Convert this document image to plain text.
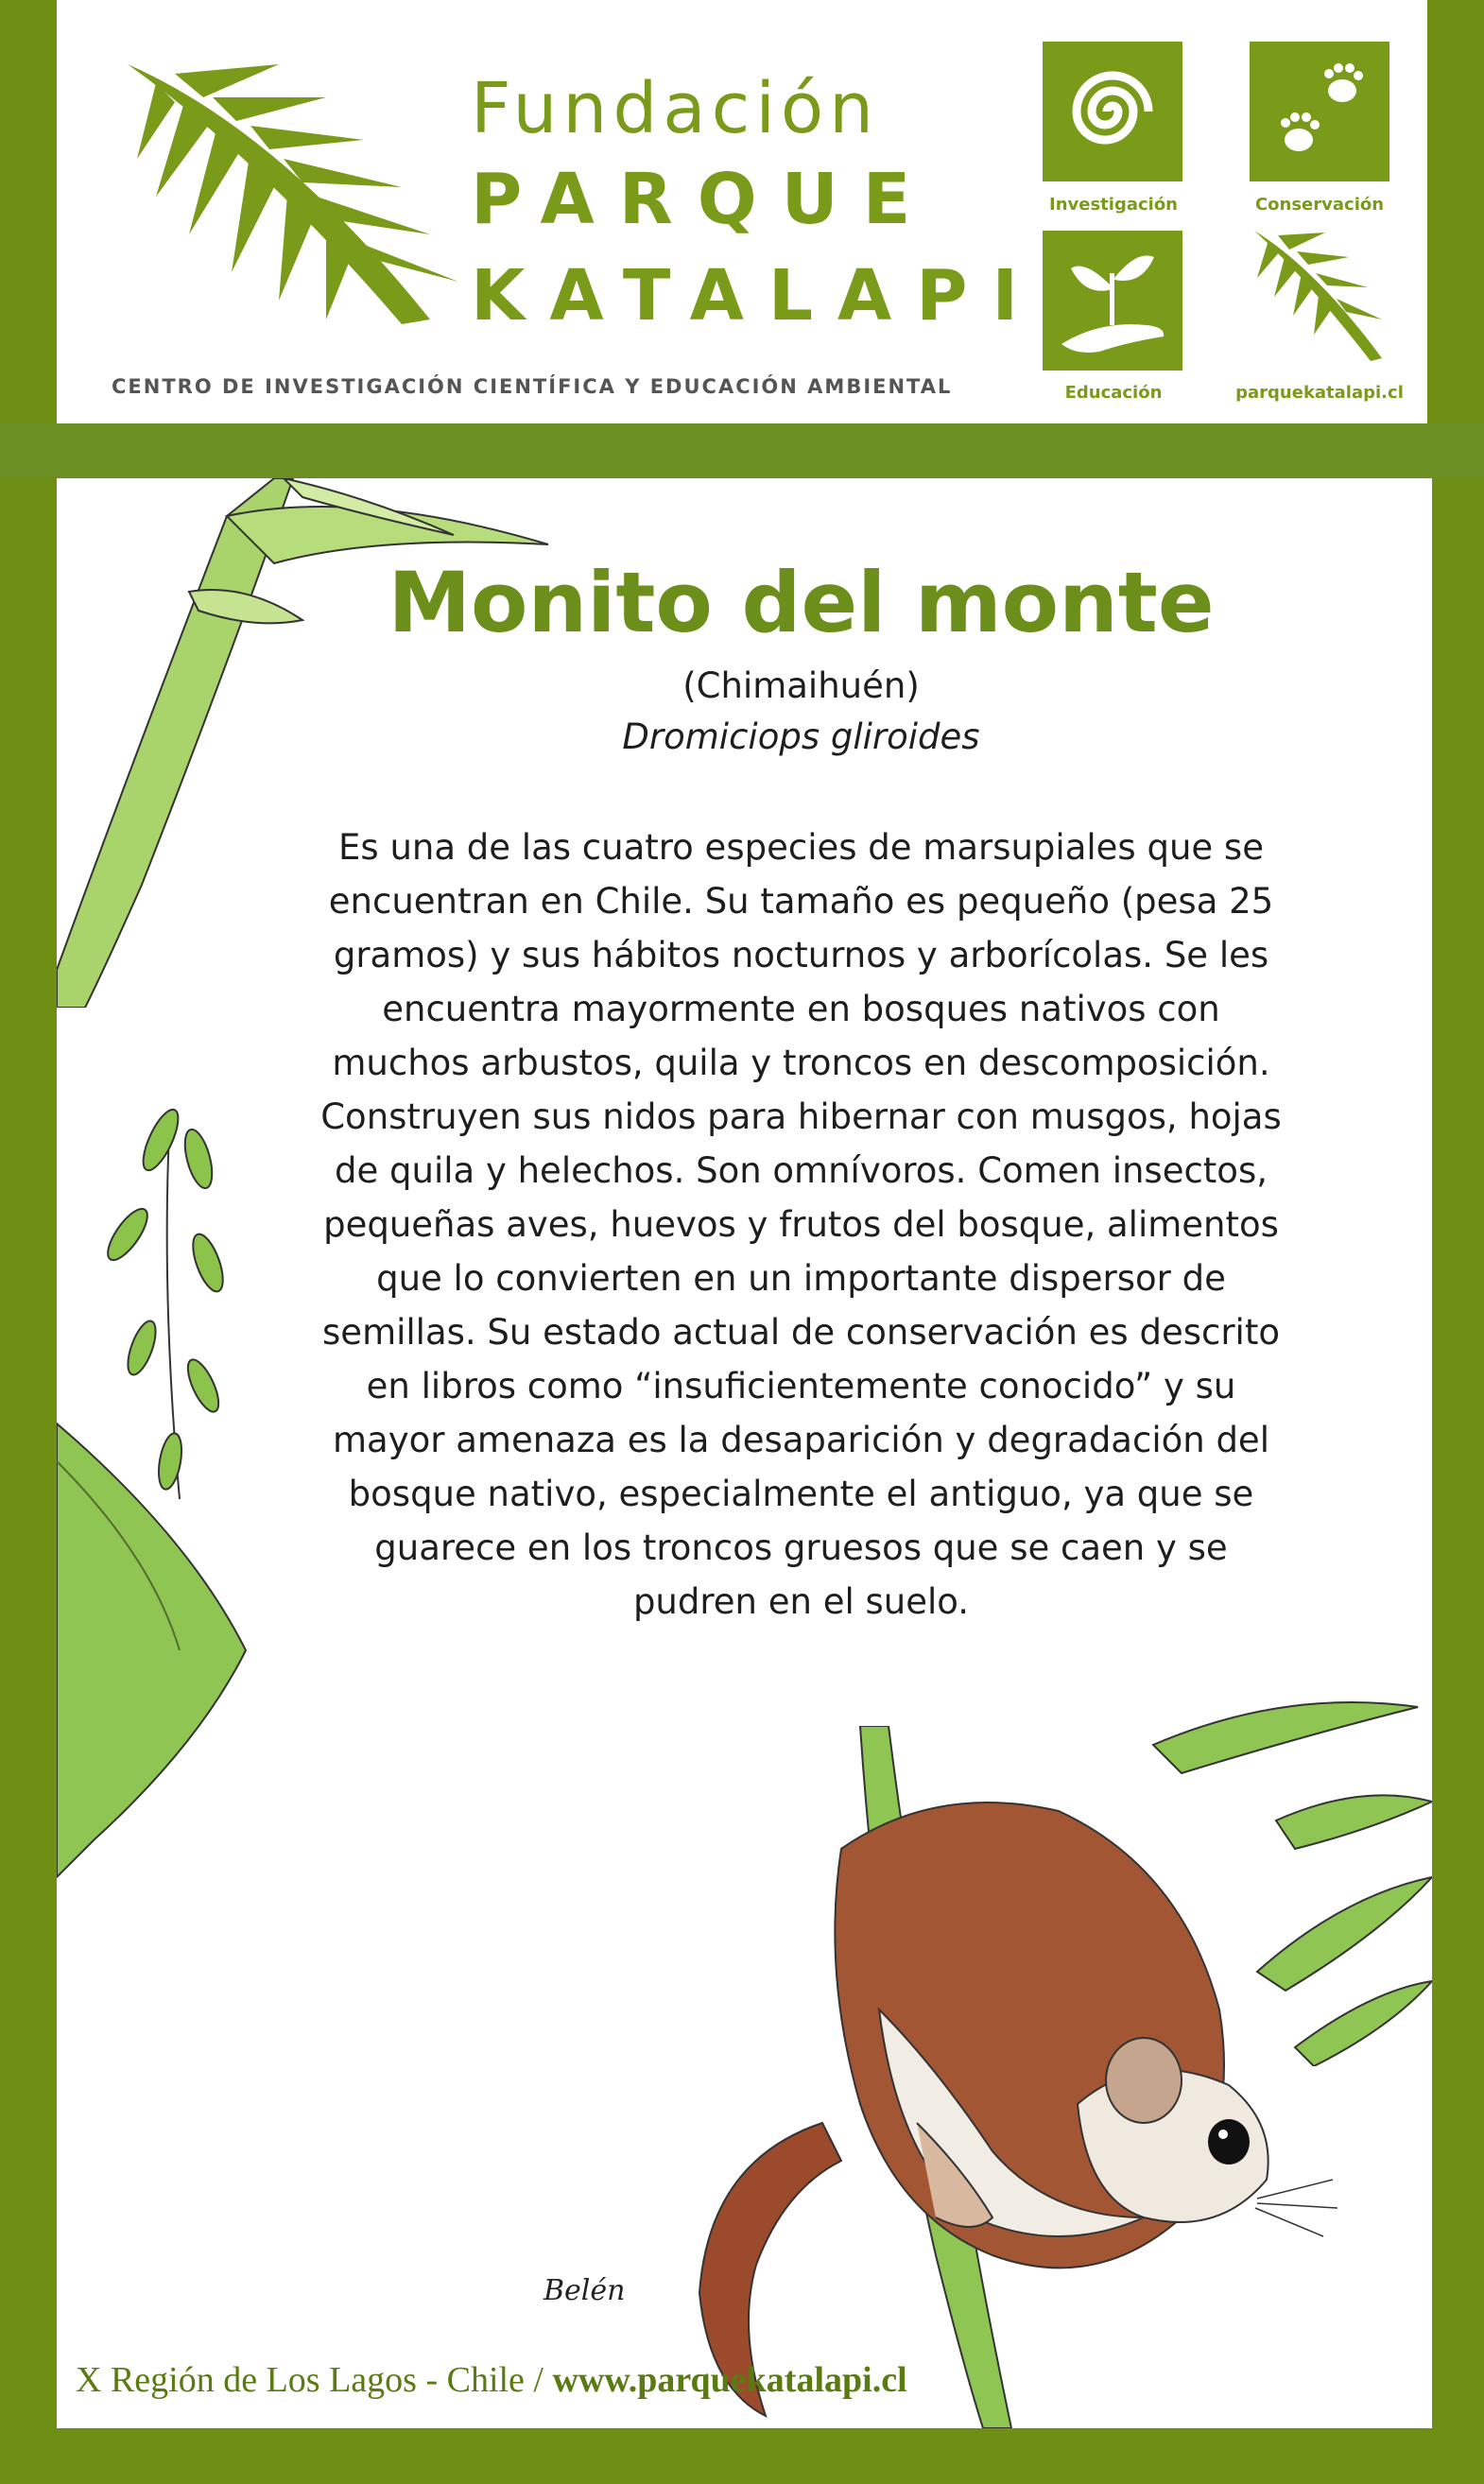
Fundación
PARQUE
KATALAPI
CENTRO DE INVESTIGACIÓN CIENTÍFICA Y EDUCACIÓN AMBIENTAL
Investigación	Conservación
Educación	parquekatalapi.cl
Monito del monte
(Chimaihuén)
Dromiciops gliroides
Es una de las cuatro especies de marsupiales que se encuentran en Chile. Su tamaño es pequeño (pesa 25 gramos) y sus hábitos nocturnos y arborícolas. Se les encuentra mayormente en bosques nativos con muchos arbustos, quila y troncos en descomposición. Construyen sus nidos para hibernar con musgos, hojas de quila y helechos. Son omnívoros. Comen insectos, pequeñas aves, huevos y frutos del bosque, alimentos que lo convierten en un importante dispersor de semillas. Su estado actual de conservación es descrito en libros como “insuficientemente conocido” y su mayor amenaza es la desaparición y degradación del bosque nativo, especialmente el antiguo, ya que se guarece en los troncos gruesos que se caen y se pudren en el suelo.
Belén
X Región de Los Lagos - Chile / www.parquekatalapi.cl
